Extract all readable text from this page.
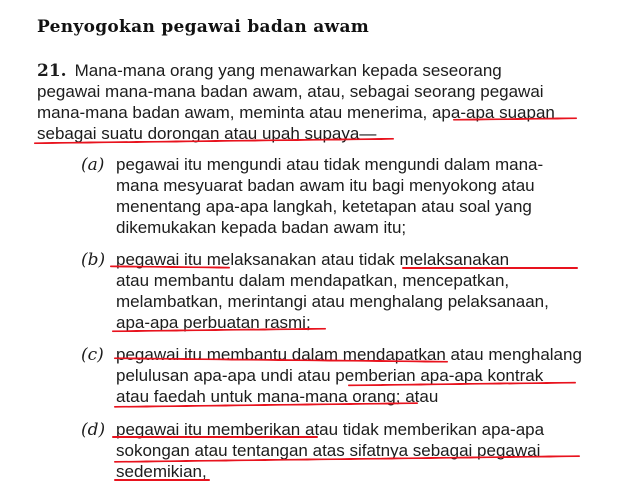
Penyogokan pegawai badan awam
21. Mana-mana orang yang menawarkan kepada seseorang
pegawai mana-mana badan awam, atau, sebagai seorang pegawai
mana-mana badan awam, meminta atau menerima, apa-apa suapan
sebagai suatu dorongan atau upah supaya—
(a) pegawai itu mengundi atau tidak mengundi dalam mana-
mana mesyuarat badan awam itu bagi menyokong atau
menentang apa-apa langkah, ketetapan atau soal yang
dikemukakan kepada badan awam itu;
(b) pegawai itu melaksanakan atau tidak melaksanakan
atau membantu dalam mendapatkan, mencepatkan,
melambatkan, merintangi atau menghalang pelaksanaan,
apa-apa perbuatan rasmi;
(c) pegawai itu membantu dalam mendapatkan atau menghalang
pelulusan apa-apa undi atau pemberian apa-apa kontrak
atau faedah untuk mana-mana orang; atau
(d) pegawai itu memberikan atau tidak memberikan apa-apa
sokongan atau tentangan atas sifatnya sebagai pegawai
sedemikian,
